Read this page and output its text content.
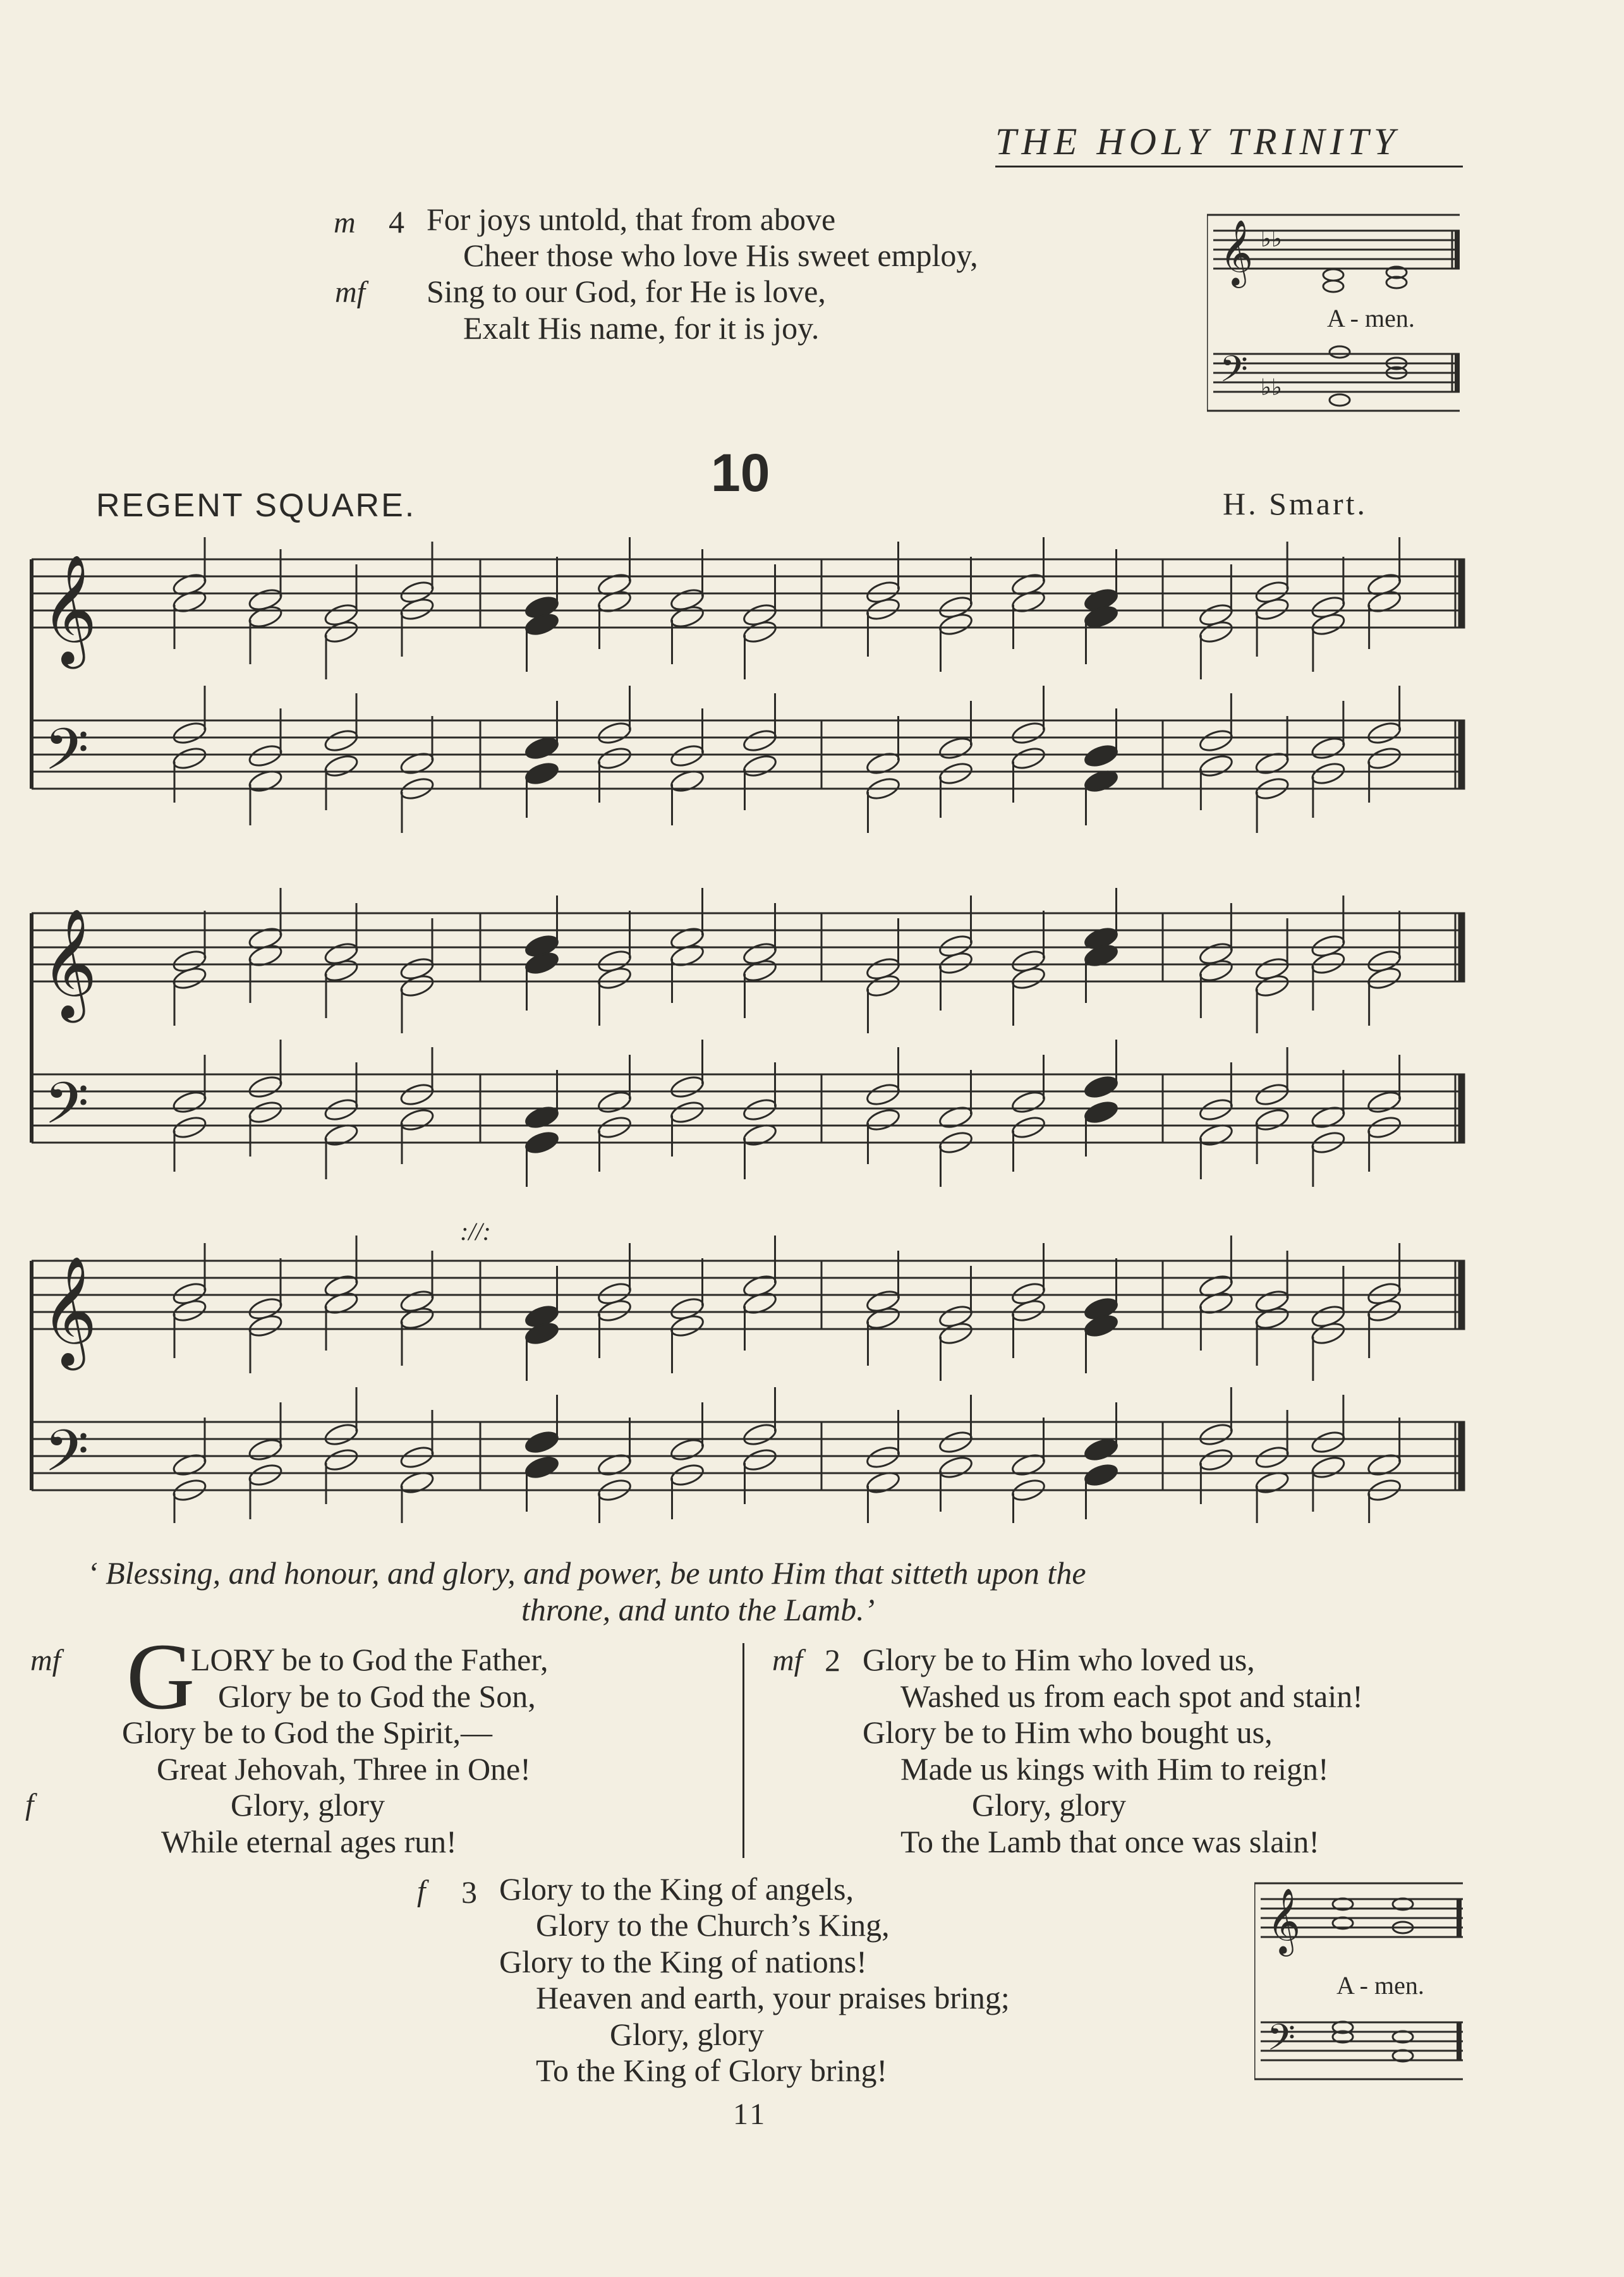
THE HOLY TRINITY
m 4 For joys untold, that from above
Cheer those who love His sweet employ,
mf Sing to our God, for He is love,
Exalt His name, for it is joy.
𝄞
𝄢
♭♭
♭♭
A - men.
10
REGENT SQUARE.	H. Smart.
𝄞
𝄢
𝄞
𝄢
𝄞
𝄢
://:
‘ Blessing, and honour, and glory, and power, be unto Him that sitteth upon the
throne, and unto the Lamb.’
mf G
LORY be to God the Father,
Glory be to God the Son,
Glory be to God the Spirit,—
Great Jehovah, Three in One!
f	Glory, glory
While eternal ages run!
mf 2 Glory be to Him who loved us,
Washed us from each spot and stain!
Glory be to Him who bought us,
Made us kings with Him to reign!
Glory, glory
To the Lamb that once was slain!
f 3 Glory to the King of angels,
Glory to the Church’s King,
Glory to the King of nations!
Heaven and earth, your praises bring;
Glory, glory
To the King of Glory bring!
𝄞
𝄢
A - men.
11
